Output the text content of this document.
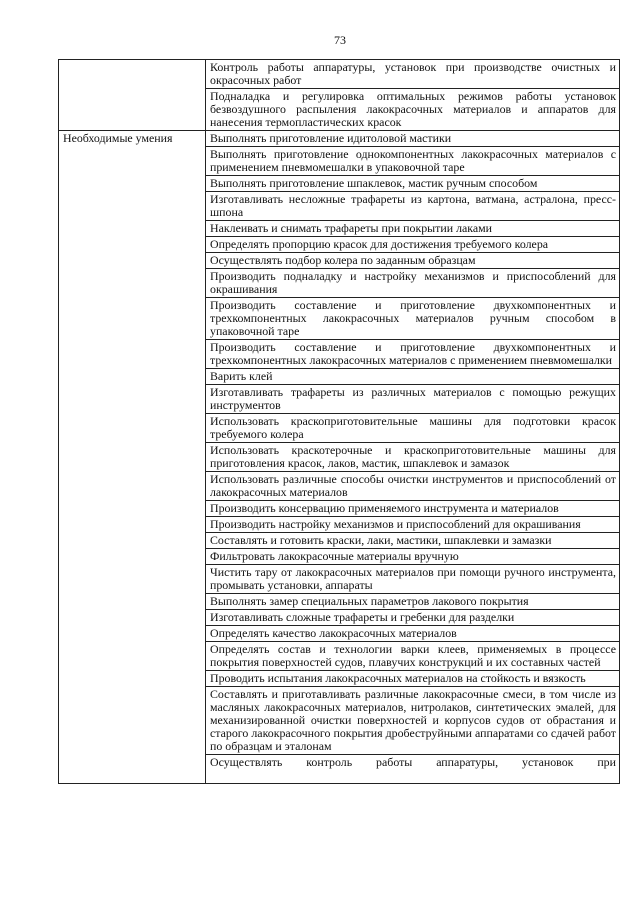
73

	Контроль работы аппаратуры, установок при производстве очистных и окрасочных работ

	Подналадка и регулировка оптимальных режимов работы установок безвоздушного распыления лакокрасочных материалов и аппаратов для нанесения термопластических красок

Необходимые умения	Выполнять приготовление идитоловой мастики

	Выполнять приготовление однокомпонентных лакокрасочных материалов с применением пневмомешалки в упаковочной таре

	Выполнять приготовление шпаклевок, мастик ручным способом

	Изготавливать несложные трафареты из картона, ватмана, астралона, пресс-шпона

	Наклеивать и снимать трафареты при покрытии лаками

	Определять пропорцию красок для достижения требуемого колера

	Осуществлять подбор колера по заданным образцам

	Производить подналадку и настройку механизмов и приспособлений для окрашивания

	Производить составление и приготовление двухкомпонентных и трехкомпонентных лакокрасочных материалов ручным способом в упаковочной таре

	Производить составление и приготовление двухкомпонентных и трехкомпонентных лакокрасочных материалов с применением пневмомешалки

	Варить клей

	Изготавливать трафареты из различных материалов с помощью режущих инструментов

	Использовать краскоприготовительные машины для подготовки красок требуемого колера

	Использовать краскотерочные и краскоприготовительные машины для приготовления красок, лаков, мастик, шпаклевок и замазок

	Использовать различные способы очистки инструментов и приспособлений от лакокрасочных материалов

	Производить консервацию применяемого инструмента и материалов

	Производить настройку механизмов и приспособлений для окрашивания

	Составлять и готовить краски, лаки, мастики, шпаклевки и замазки

	Фильтровать лакокрасочные материалы вручную

	Чистить тару от лакокрасочных материалов при помощи ручного инструмента, промывать установки, аппараты

	Выполнять замер специальных параметров лакового покрытия

	Изготавливать сложные трафареты и гребенки для разделки

	Определять качество лакокрасочных материалов

	Определять состав и технологии варки клеев, применяемых в процессе покрытия поверхностей судов, плавучих конструкций и их составных частей

	Проводить испытания лакокрасочных материалов на стойкость и вязкость

	Составлять и приготавливать различные лакокрасочные смеси, в том числе из масляных лакокрасочных материалов, нитролаков, синтетических эмалей, для механизированной очистки поверхностей и корпусов судов от обрастания и старого лакокрасочного покрытия дробеструйными аппаратами со сдачей работ по образцам и эталонам

	Осуществлять контроль работы аппаратуры, установок при
